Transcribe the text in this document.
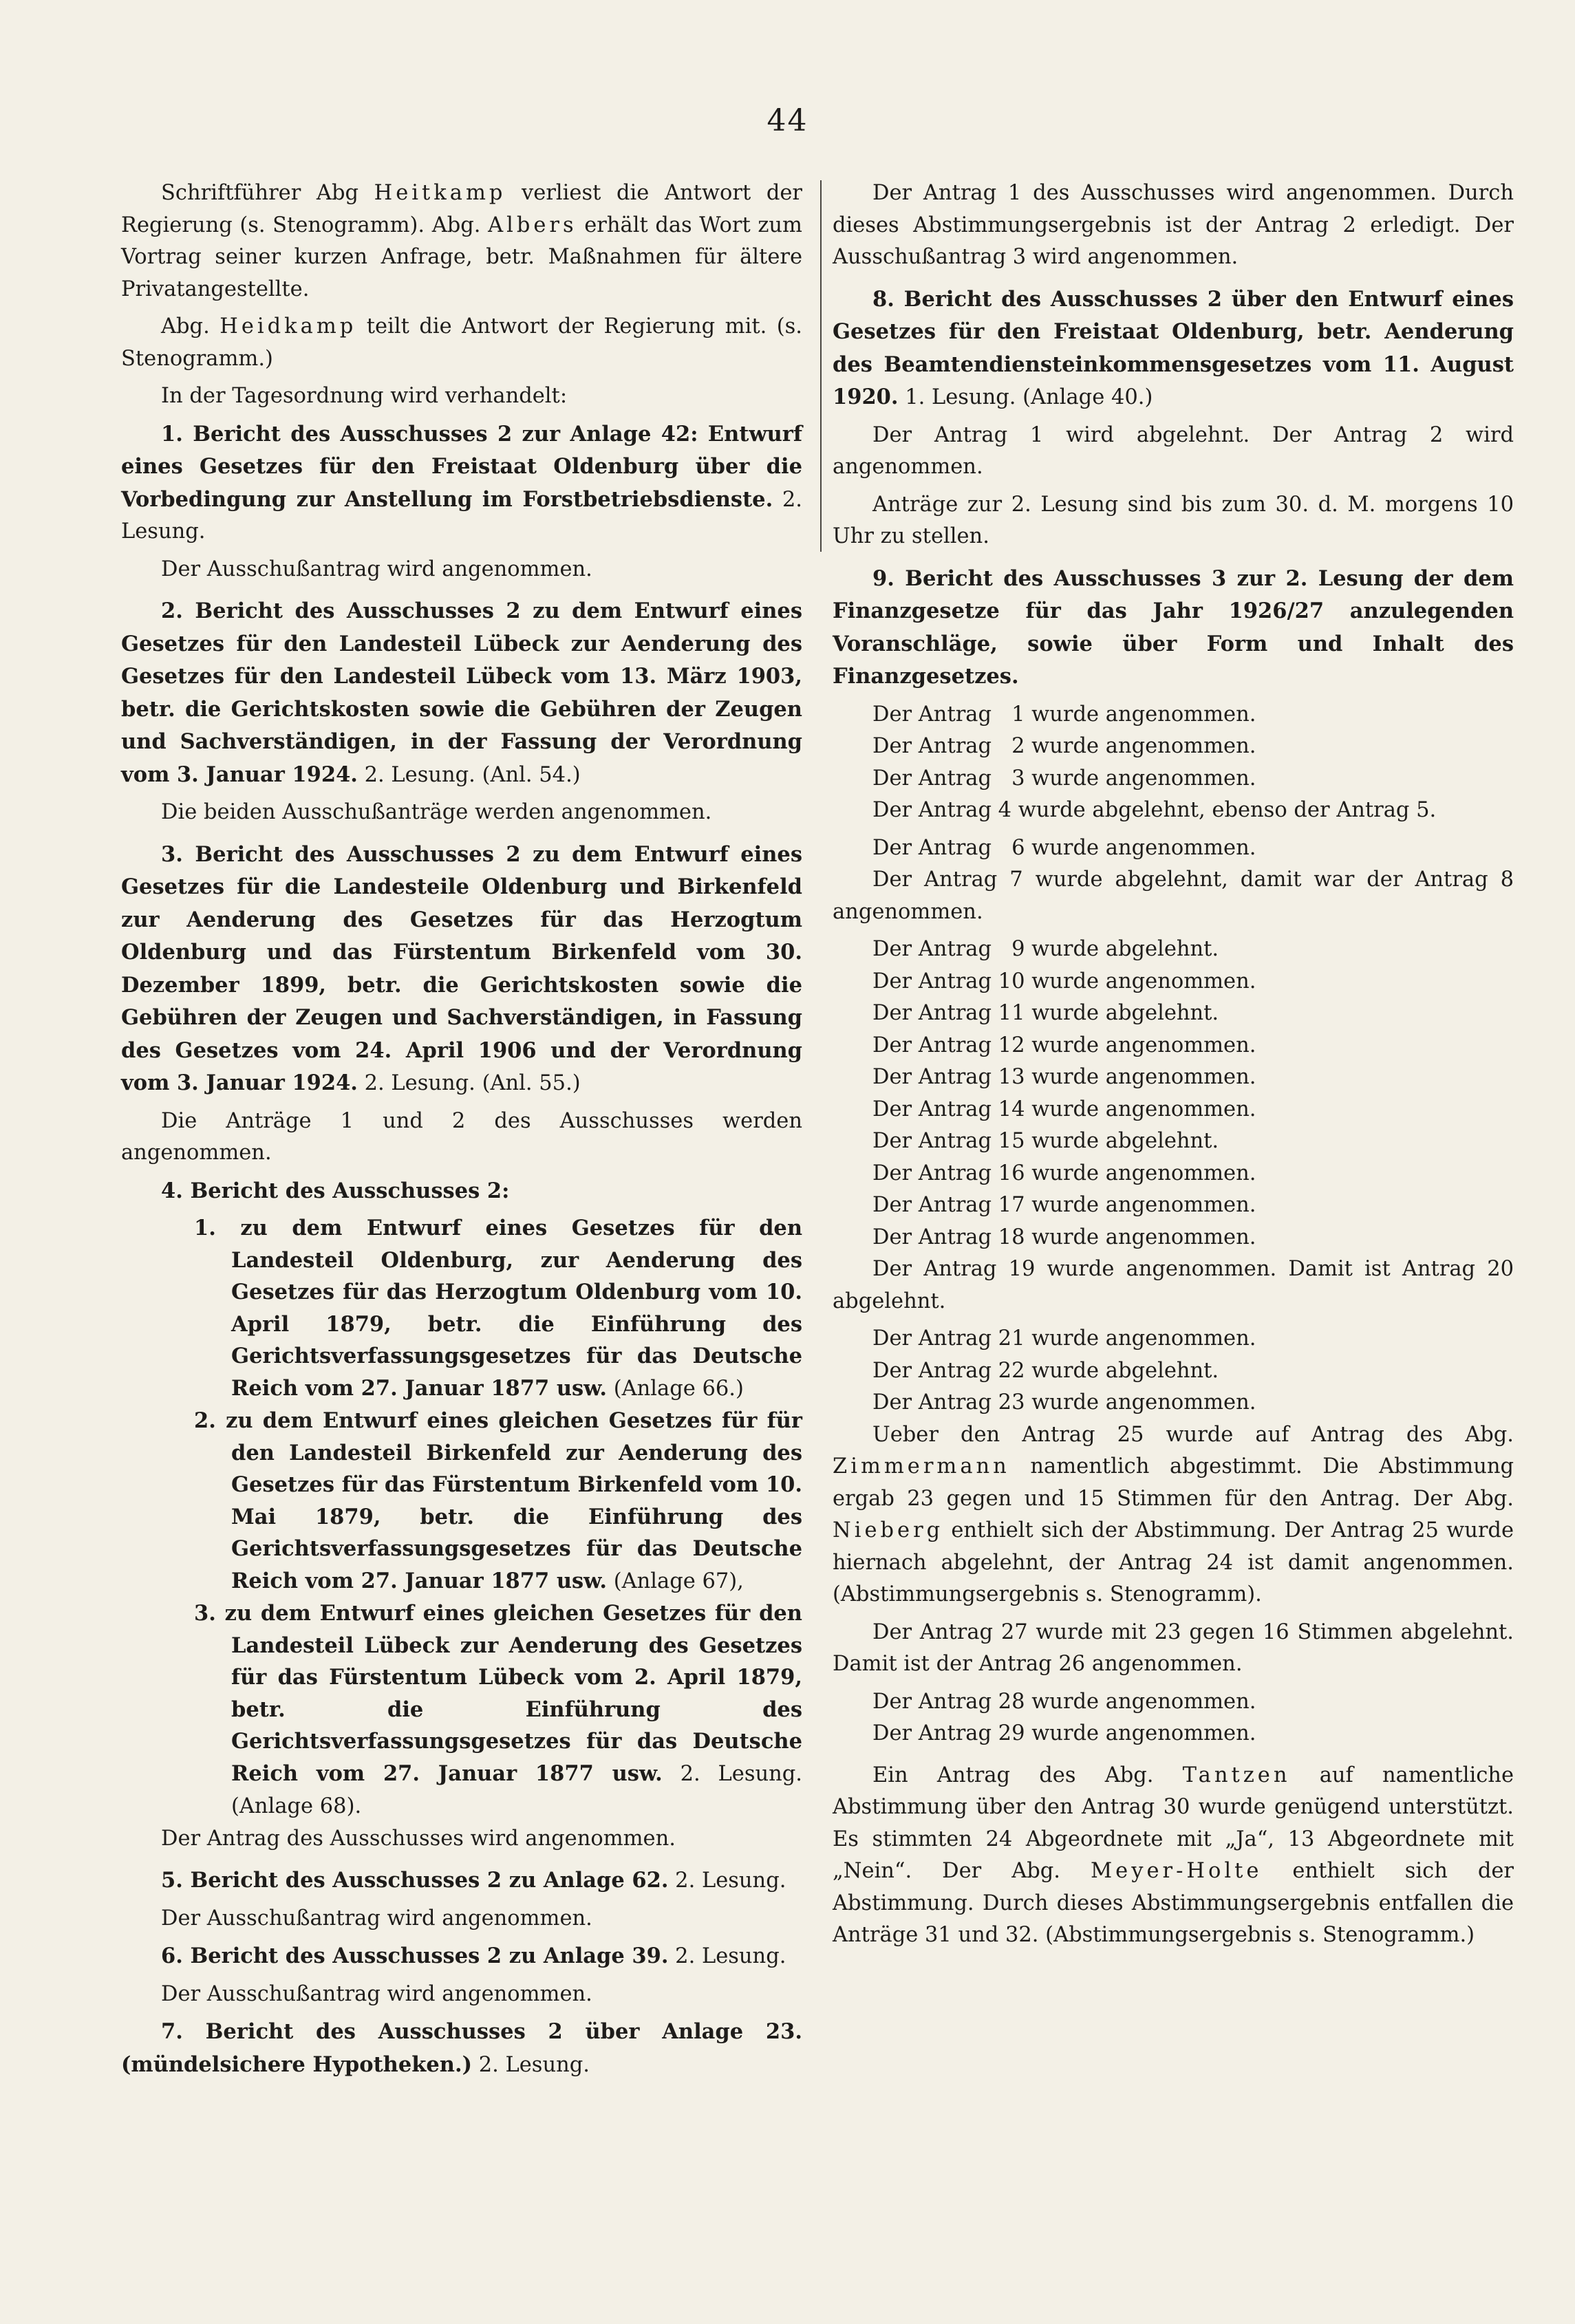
44

Schriftführer Abg Heitkamp verliest die Antwort der Regierung (s. Stenogramm). Abg. Albers erhält das Wort zum Vortrag seiner kurzen Anfrage, betr. Maßnahmen für ältere Privatangestellte.

Abg. Heidkamp teilt die Antwort der Regierung mit. (s. Stenogramm.)

In der Tagesordnung wird verhandelt:

1. Bericht des Ausschusses 2 zur Anlage 42: Entwurf eines Gesetzes für den Freistaat Oldenburg über die Vorbedingung zur Anstellung im Forstbetriebsdienste. 2. Lesung.

Der Ausschußantrag wird angenommen.

2. Bericht des Ausschusses 2 zu dem Entwurf eines Gesetzes für den Landesteil Lübeck zur Aenderung des Gesetzes für den Landesteil Lübeck vom 13. März 1903, betr. die Gerichtskosten sowie die Gebühren der Zeugen und Sachverständigen, in der Fassung der Verordnung vom 3. Januar 1924. 2. Lesung. (Anl. 54.)

Die beiden Ausschußanträge werden angenommen.

3. Bericht des Ausschusses 2 zu dem Entwurf eines Gesetzes für die Landesteile Oldenburg und Birkenfeld zur Aenderung des Gesetzes für das Herzogtum Oldenburg und das Fürstentum Birkenfeld vom 30. Dezember 1899, betr. die Gerichtskosten sowie die Gebühren der Zeugen und Sachverständigen, in Fassung des Gesetzes vom 24. April 1906 und der Verordnung vom 3. Januar 1924. 2. Lesung. (Anl. 55.)

Die Anträge 1 und 2 des Ausschusses werden angenommen.

4. Bericht des Ausschusses 2:

1. zu dem Entwurf eines Gesetzes für den Landesteil Oldenburg, zur Aenderung des Gesetzes für das Herzogtum Oldenburg vom 10. April 1879, betr. die Einführung des Gerichtsverfassungsgesetzes für das Deutsche Reich vom 27. Januar 1877 usw. (Anlage 66.)

2. zu dem Entwurf eines gleichen Gesetzes für für den Landesteil Birkenfeld zur Aenderung des Gesetzes für das Fürstentum Birkenfeld vom 10. Mai 1879, betr. die Einführung des Gerichtsverfassungsgesetzes für das Deutsche Reich vom 27. Januar 1877 usw. (Anlage 67),

3. zu dem Entwurf eines gleichen Gesetzes für den Landesteil Lübeck zur Aenderung des Gesetzes für das Fürstentum Lübeck vom 2. April 1879, betr. die Einführung des Gerichtsverfassungsgesetzes für das Deutsche Reich vom 27. Januar 1877 usw. 2. Lesung. (Anlage 68).

Der Antrag des Ausschusses wird angenommen.

5. Bericht des Ausschusses 2 zu Anlage 62. 2. Lesung.

Der Ausschußantrag wird angenommen.

6. Bericht des Ausschusses 2 zu Anlage 39. 2. Lesung.

Der Ausschußantrag wird angenommen.

7. Bericht des Ausschusses 2 über Anlage 23. (mündelsichere Hypotheken.) 2. Lesung.

Der Antrag 1 des Ausschusses wird angenommen. Durch dieses Abstimmungsergebnis ist der Antrag 2 erledigt. Der Ausschußantrag 3 wird angenommen.

8. Bericht des Ausschusses 2 über den Entwurf eines Gesetzes für den Freistaat Oldenburg, betr. Aenderung des Beamtendiensteinkommensgesetzes vom 11. August 1920. 1. Lesung. (Anlage 40.)

Der Antrag 1 wird abgelehnt. Der Antrag 2 wird angenommen.

Anträge zur 2. Lesung sind bis zum 30. d. M. morgens 10 Uhr zu stellen.

9. Bericht des Ausschusses 3 zur 2. Lesung der dem Finanzgesetze für das Jahr 1926/27 anzulegenden Voranschläge, sowie über Form und Inhalt des Finanzgesetzes.

Der Antrag   1 wurde angenommen.

Der Antrag   2 wurde angenommen.

Der Antrag   3 wurde angenommen.

Der Antrag 4 wurde abgelehnt, ebenso der Antrag 5.

Der Antrag   6 wurde angenommen.

Der Antrag 7 wurde abgelehnt, damit war der Antrag 8 angenommen.

Der Antrag   9 wurde abgelehnt.

Der Antrag 10 wurde angenommen.

Der Antrag 11 wurde abgelehnt.

Der Antrag 12 wurde angenommen.

Der Antrag 13 wurde angenommen.

Der Antrag 14 wurde angenommen.

Der Antrag 15 wurde abgelehnt.

Der Antrag 16 wurde angenommen.

Der Antrag 17 wurde angenommen.

Der Antrag 18 wurde angenommen.

Der Antrag 19 wurde angenommen. Damit ist Antrag 20 abgelehnt.

Der Antrag 21 wurde angenommen.

Der Antrag 22 wurde abgelehnt.

Der Antrag 23 wurde angenommen.

Ueber den Antrag 25 wurde auf Antrag des Abg. Zimmermann namentlich abgestimmt. Die Abstimmung ergab 23 gegen und 15 Stimmen für den Antrag. Der Abg. Nieberg enthielt sich der Abstimmung. Der Antrag 25 wurde hiernach abgelehnt, der Antrag 24 ist damit angenommen. (Abstimmungsergebnis s. Stenogramm).

Der Antrag 27 wurde mit 23 gegen 16 Stimmen abgelehnt. Damit ist der Antrag 26 angenommen.

Der Antrag 28 wurde angenommen.

Der Antrag 29 wurde angenommen.

Ein Antrag des Abg. Tantzen auf namentliche Abstimmung über den Antrag 30 wurde genügend unterstützt. Es stimmten 24 Abgeordnete mit „Ja“, 13 Abgeordnete mit „Nein“. Der Abg. Meyer-Holte enthielt sich der Abstimmung. Durch dieses Abstimmungsergebnis entfallen die Anträge 31 und 32. (Abstimmungsergebnis s. Stenogramm.)
